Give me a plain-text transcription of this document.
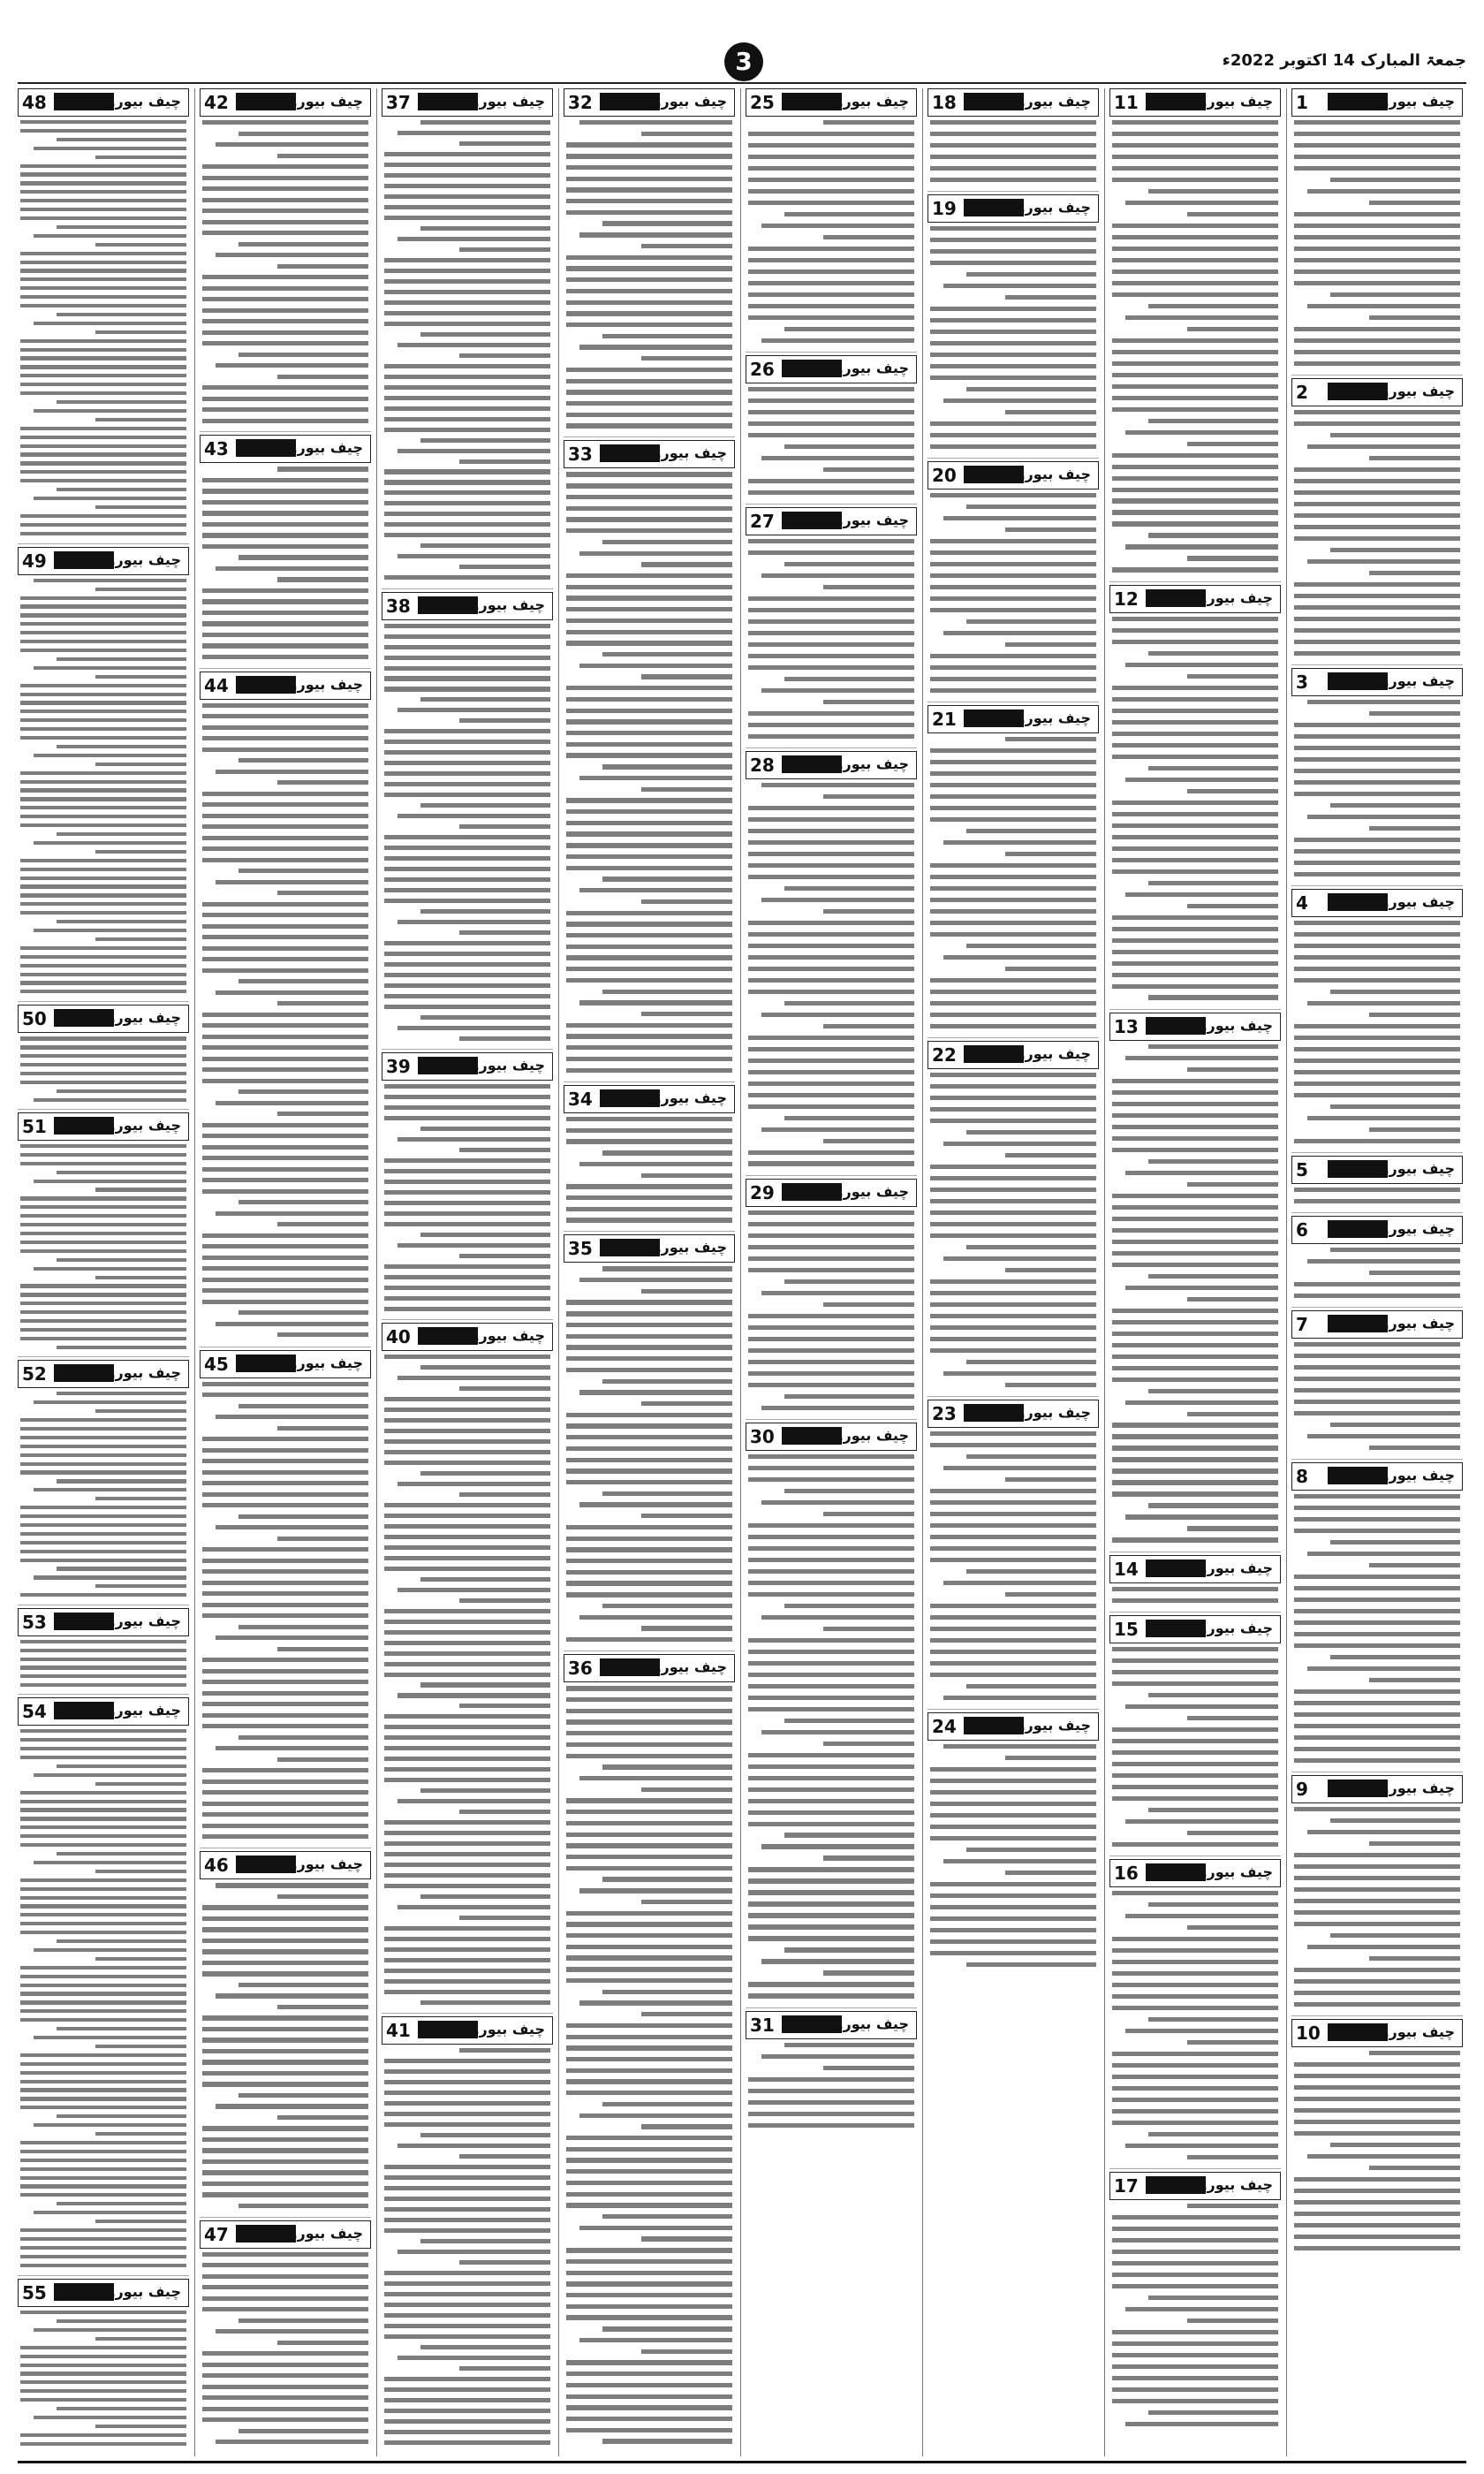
جمعۃ المبارک 14 اکتوبر 2022ء
3
1	چیف بیورو
2	چیف بیورو
3	چیف بیورو
4	چیف بیورو
5	چیف بیورو
6	چیف بیورو
7	چیف بیورو
8	چیف بیورو
9	چیف بیورو
10	چیف بیورو
11	چیف بیورو
12	چیف بیورو
13	چیف بیورو
14	چیف بیورو
15	چیف بیورو
16	چیف بیورو
17	چیف بیورو
18	چیف بیورو
19	چیف بیورو
20	چیف بیورو
21	چیف بیورو
22	چیف بیورو
23	چیف بیورو
24	چیف بیورو
25	چیف بیورو
26	چیف بیورو
27	چیف بیورو
28	چیف بیورو
29	چیف بیورو
30	چیف بیورو
31	چیف بیورو
32	چیف بیورو
33	چیف بیورو
34	چیف بیورو
35	چیف بیورو
36	چیف بیورو
37	چیف بیورو
38	چیف بیورو
39	چیف بیورو
40	چیف بیورو
41	چیف بیورو
42	چیف بیورو
43	چیف بیورو
44	چیف بیورو
45	چیف بیورو
46	چیف بیورو
47	چیف بیورو
48	چیف بیورو
49	چیف بیورو
50	چیف بیورو
51	چیف بیورو
52	چیف بیورو
53	چیف بیورو
54	چیف بیورو
55	چیف بیورو
